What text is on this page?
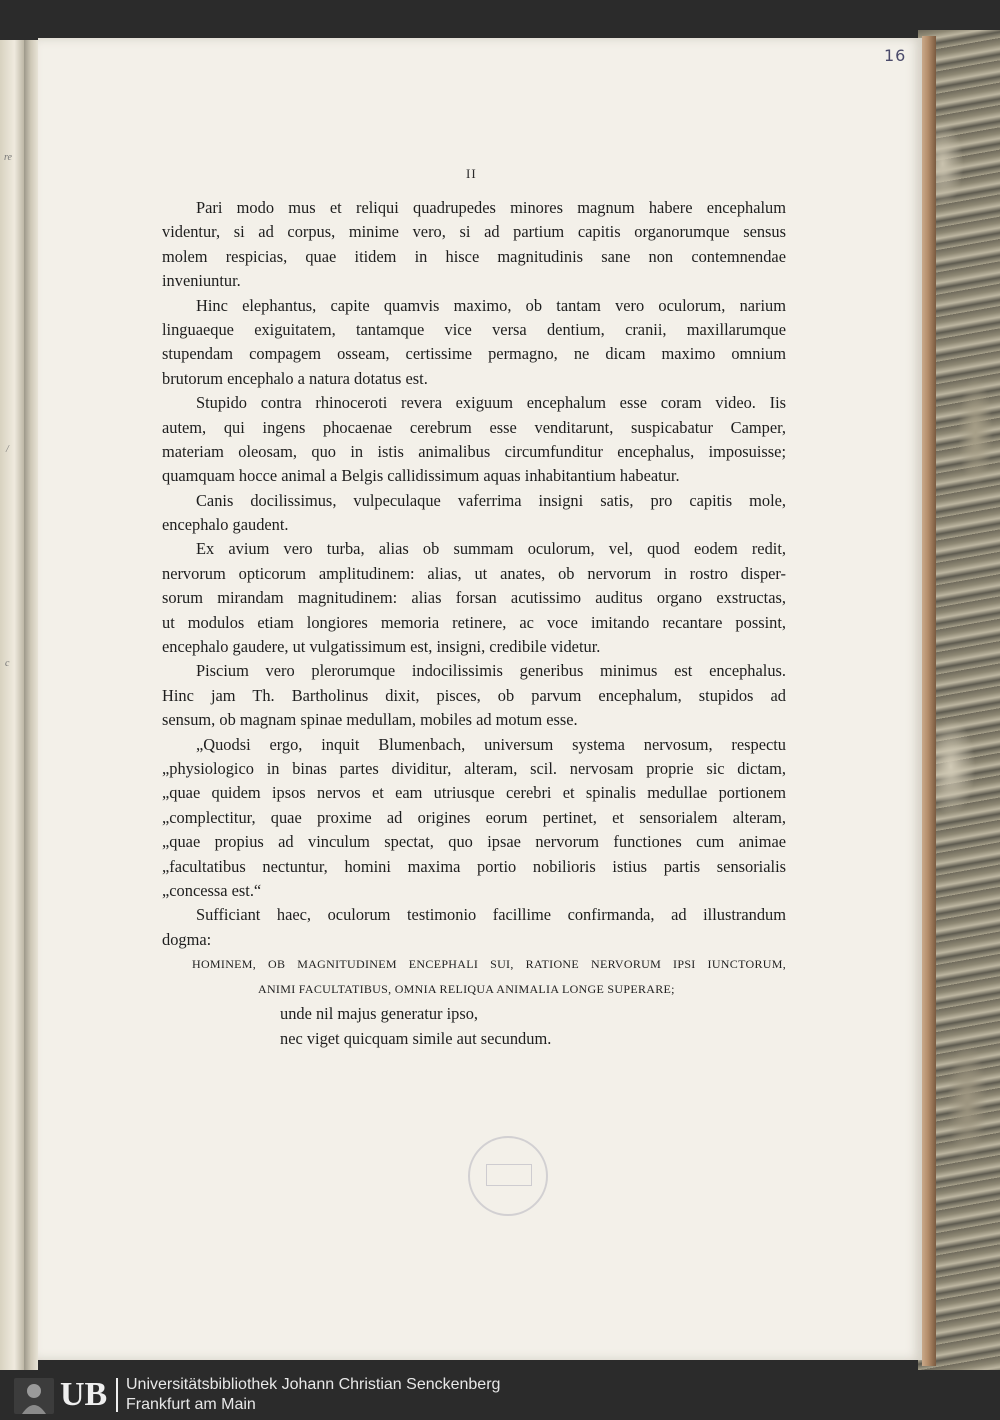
re
/
c
16
II
Pari modo mus et reliqui quadrupedes minores magnum habere encephalum
videntur, si ad corpus, minime vero, si ad partium capitis organorumque sensus
molem respicias, quae itidem in hisce magnitudinis sane non contemnendae
inveniuntur.
Hinc elephantus, capite quamvis maximo, ob tantam vero oculorum, narium
linguaeque exiguitatem, tantamque vice versa dentium, cranii, maxillarumque
stupendam compagem osseam, certissime permagno, ne dicam maximo omnium
brutorum encephalo a natura dotatus est.
Stupido contra rhinoceroti revera exiguum encephalum esse coram video. Iis
autem, qui ingens phocaenae cerebrum esse venditarunt, suspicabatur Camper,
materiam oleosam, quo in istis animalibus circumfunditur encephalus, imposuisse;
quamquam hocce animal a Belgis callidissimum aquas inhabitantium habeatur.
Canis docilissimus, vulpeculaque vaferrima insigni satis, pro capitis mole,
encephalo gaudent.
Ex avium vero turba, alias ob summam oculorum, vel, quod eodem redit,
nervorum opticorum amplitudinem: alias, ut anates, ob nervorum in rostro disper-
sorum mirandam magnitudinem: alias forsan acutissimo auditus organo exstructas,
ut modulos etiam longiores memoria retinere, ac voce imitando recantare possint,
encephalo gaudere, ut vulgatissimum est, insigni, credibile videtur.
Piscium vero plerorumque indocilissimis generibus minimus est encephalus.
Hinc jam Th. Bartholinus dixit, pisces, ob parvum encephalum, stupidos ad
sensum, ob magnam spinae medullam, mobiles ad motum esse.
„Quodsi ergo, inquit Blumenbach, universum systema nervosum, respectu
„physiologico in binas partes dividitur, alteram, scil. nervosam proprie sic dictam,
„quae quidem ipsos nervos et eam utriusque cerebri et spinalis medullae portionem
„complectitur, quae proxime ad origines eorum pertinet, et sensorialem alteram,
„quae propius ad vinculum spectat, quo ipsae nervorum functiones cum animae
„facultatibus nectuntur, homini maxima portio nobilioris istius partis sensorialis
„concessa est.“
Sufficiant haec, oculorum testimonio facillime confirmanda, ad illustrandum
dogma:
HOMINEM, OB MAGNITUDINEM ENCEPHALI SUI, RATIONE NERVORUM IPSI IUNCTORUM,
ANIMI FACULTATIBUS, OMNIA RELIQUA ANIMALIA LONGE SUPERARE;
unde nil majus generatur ipso,
nec viget quicquam simile aut secundum.
UB Universitätsbibliothek Johann Christian Senckenberg
Frankfurt am Main
